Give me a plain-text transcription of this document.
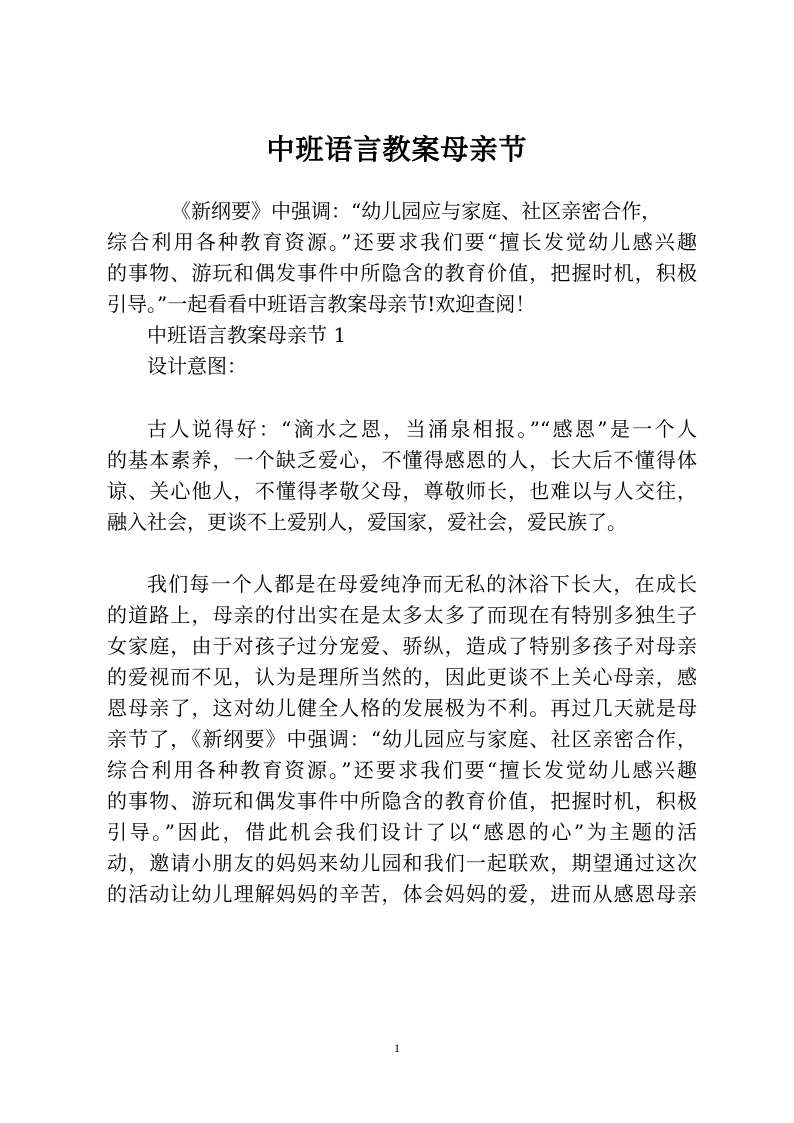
中班语言教案母亲节
《新纲要》中强调：“幼儿园应与家庭、社区亲密合作，
综合利用各种教育资源。”还要求我们要“擅长发觉幼儿感兴趣
的事物、游玩和偶发事件中所隐含的教育价值，把握时机，积极
引导。”一起看看中班语言教案母亲节!欢迎查阅！
中班语言教案母亲节 1
设计意图：
古人说得好：“滴水之恩，当涌泉相报。”“感恩”是一个人
的基本素养，一个缺乏爱心，不懂得感恩的人，长大后不懂得体
谅、关心他人，不懂得孝敬父母，尊敬师长，也难以与人交往，
融入社会，更谈不上爱别人，爱国家，爱社会，爱民族了。
我们每一个人都是在母爱纯净而无私的沐浴下长大，在成长
的道路上，母亲的付出实在是太多太多了而现在有特别多独生子
女家庭，由于对孩子过分宠爱、骄纵，造成了特别多孩子对母亲
的爱视而不见，认为是理所当然的，因此更谈不上关心母亲，感
恩母亲了，这对幼儿健全人格的发展极为不利。再过几天就是母
亲节了，《新纲要》中强调：“幼儿园应与家庭、社区亲密合作，
综合利用各种教育资源。”还要求我们要“擅长发觉幼儿感兴趣
的事物、游玩和偶发事件中所隐含的教育价值，把握时机，积极
引导。”因此，借此机会我们设计了以“感恩的心”为主题的活
动，邀请小朋友的妈妈来幼儿园和我们一起联欢，期望通过这次
的活动让幼儿理解妈妈的辛苦，体会妈妈的爱，进而从感恩母亲
1
